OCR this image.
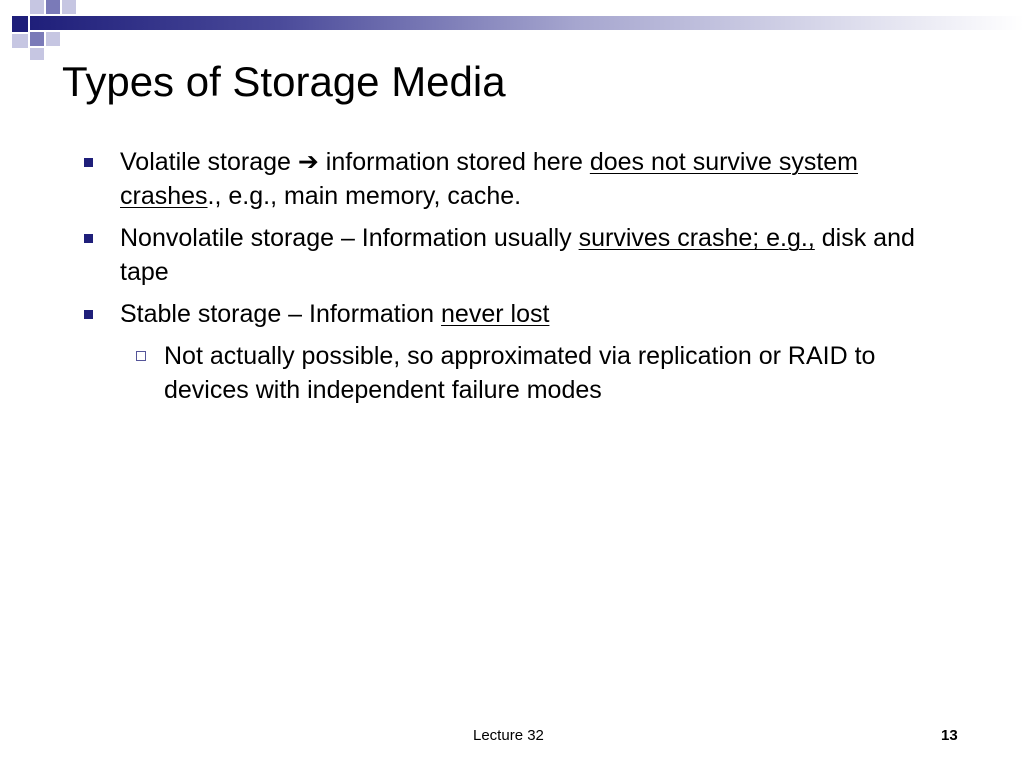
Types of Storage Media
Volatile storage ➔ information stored here does not survive system crashes., e.g., main memory, cache.
Nonvolatile storage – Information usually survives crashe; e.g., disk and tape
Stable storage – Information never lost
Not actually possible, so approximated via replication or RAID to devices with independent failure modes
Lecture 32	13
